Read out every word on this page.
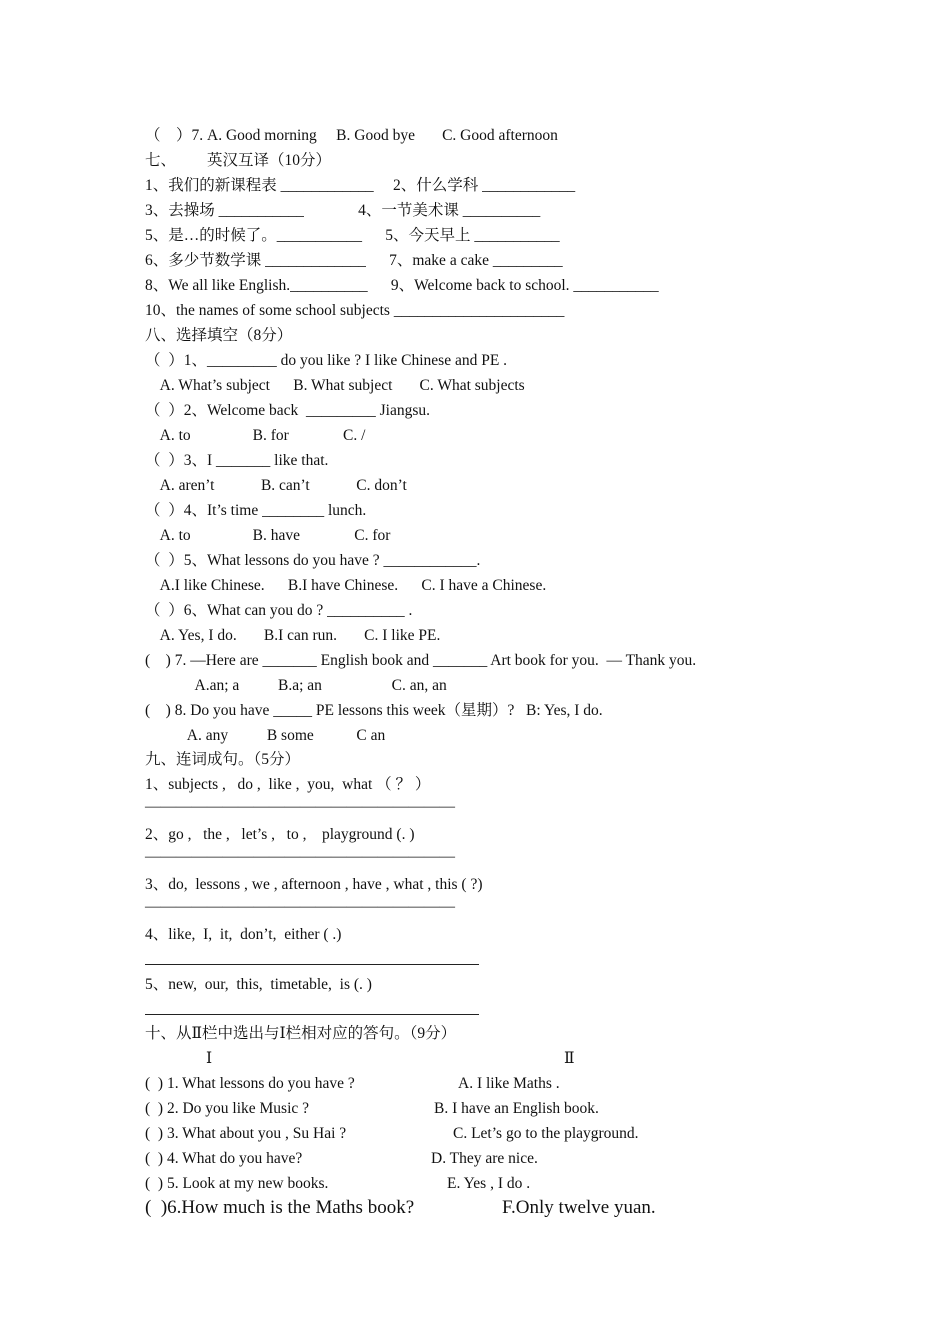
（    ）7. A. Good morning     B. Good bye       C. Good afternoon
七、        英汉互译（10分）
1、我们的新课程表 ____________     2、什么学科 ____________
3、去操场 ___________              4、一节美术课 __________
5、是…的时候了。___________      5、今天早上 ___________
6、多少节数学课 _____________      7、make a cake _________
8、We all like English.__________      9、Welcome back to school. ___________
10、the names of some school subjects ______________________
八、选择填空（8分）
（  ）1、_________ do you like ? I like Chinese and PE .
A. What’s subject      B. What subject       C. What subjects
（  ）2、Welcome back  _________ Jiangsu.
A. to                B. for              C. /
（  ）3、I _______ like that.
A. aren’t            B. can’t            C. don’t
（  ）4、It’s time ________ lunch.
A. to                B. have              C. for
（  ）5、What lessons do you have ? ____________.
A.I like Chinese.      B.I have Chinese.      C. I have a Chinese.
（  ）6、What can you do ? __________ .
A. Yes, I do.       B.I can run.       C. I like PE.
(    ) 7. —Here are _______ English book and _______ Art book for you.  — Thank you.
A.an; a          B.a; an                  C. an, an
(    ) 8. Do you have _____ PE lessons this week（星期）?   B: Yes, I do.
A. any          B some           C an
九、连词成句。（5分）
1、subjects ,   do ,  like ,  you,  what （ ？ ）
————————————————————
2、go ,   the ,   let’s ,   to ,    playground (. )
————————————————————
3、do,  lessons , we , afternoon , have , what , this ( ?)
————————————————————
4、like,  I,  it,  don’t,  either ( .)
5、new,  our,  this,  timetable,  is (. )
十、从Ⅱ栏中选出与Ⅰ栏相对应的答句。（9分）
Ⅰ	Ⅱ
(  ) 1. What lessons do you have ?	A. I like Maths .
(  ) 2. Do you like Music ?	B. I have an English book.
(  ) 3. What about you , Su Hai ?	C. Let’s go to the playground.
(  ) 4. What do you have?	D. They are nice.
(  ) 5. Look at my new books.	E. Yes , I do .
(  )6.How much is the Maths book?	F.Only twelve yuan.
